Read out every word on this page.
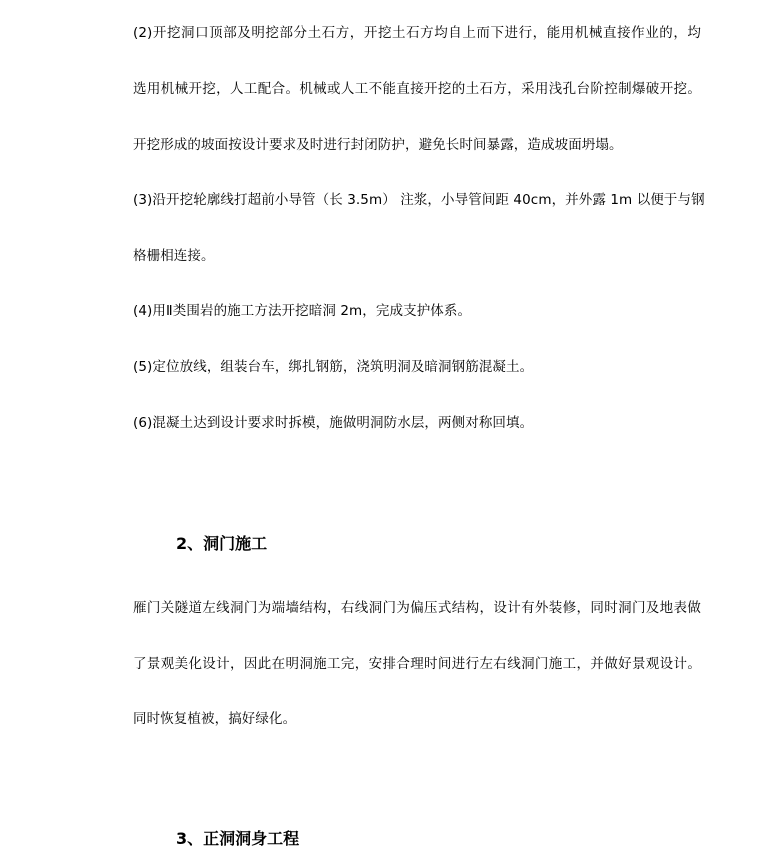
(2)开挖洞口顶部及明挖部分土石方，开挖土石方均自上而下进行，能用机械直接作业的，均
选用机械开挖，人工配合。机械或人工不能直接开挖的土石方，采用浅孔台阶控制爆破开挖。
开挖形成的坡面按设计要求及时进行封闭防护，避免长时间暴露，造成坡面坍塌。
(3)沿开挖轮廓线打超前小导管（长 3.5m） 注浆，小导管间距 40cm，并外露 1m 以便于与钢
格栅相连接。
(4)用Ⅱ类围岩的施工方法开挖暗洞 2m，完成支护体系。
(5)定位放线，组装台车，绑扎钢筋，浇筑明洞及暗洞钢筋混凝土。
(6)混凝土达到设计要求时拆模，施做明洞防水层，两侧对称回填。
2、洞门施工
雁门关隧道左线洞门为端墙结构，右线洞门为偏压式结构，设计有外装修，同时洞门及地表做
了景观美化设计，因此在明洞施工完，安排合理时间进行左右线洞门施工，并做好景观设计。
同时恢复植被，搞好绿化。
3、正洞洞身工程
